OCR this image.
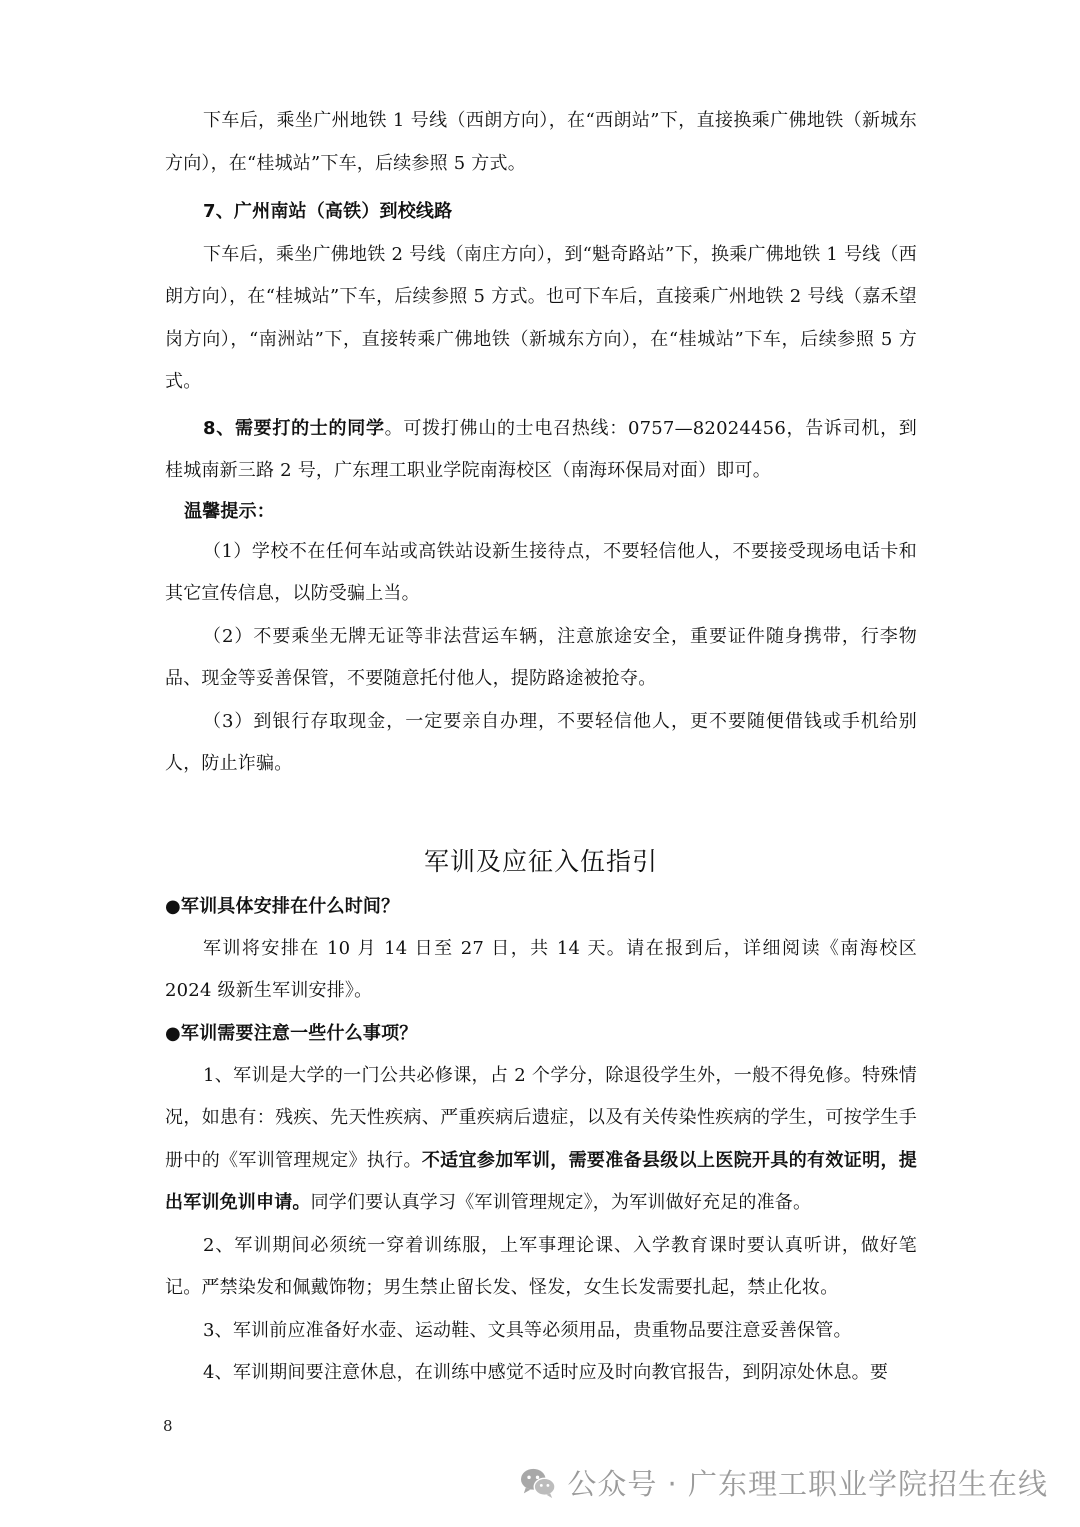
下车后，乘坐广州地铁 1 号线（西朗方向），在“西朗站”下，直接换乘广佛地铁（新城东方向），在“桂城站”下车，后续参照 5 方式。

7、广州南站（高铁）到校线路

下车后，乘坐广佛地铁 2 号线（南庄方向），到“魁奇路站”下，换乘广佛地铁 1 号线（西朗方向），在“桂城站”下车，后续参照 5 方式。也可下车后，直接乘广州地铁 2 号线（嘉禾望岗方向），“南洲站”下，直接转乘广佛地铁（新城东方向），在“桂城站”下车，后续参照 5 方式。

8、需要打的士的同学。可拨打佛山的士电召热线：0757—82024456，告诉司机，到桂城南新三路 2 号，广东理工职业学院南海校区（南海环保局对面）即可。

温馨提示：

（1）学校不在任何车站或高铁站设新生接待点，不要轻信他人，不要接受现场电话卡和其它宣传信息，以防受骗上当。

（2）不要乘坐无牌无证等非法营运车辆，注意旅途安全，重要证件随身携带，行李物品、现金等妥善保管，不要随意托付他人，提防路途被抢夺。

（3）到银行存取现金，一定要亲自办理，不要轻信他人，更不要随便借钱或手机给别人，防止诈骗。

军训及应征入伍指引

●军训具体安排在什么时间？

军训将安排在 10 月 14 日至 27 日，共 14 天。请在报到后，详细阅读《南海校区 2024 级新生军训安排》。

●军训需要注意一些什么事项？

1、军训是大学的一门公共必修课，占 2 个学分，除退役学生外，一般不得免修。特殊情况，如患有：残疾、先天性疾病、严重疾病后遗症，以及有关传染性疾病的学生，可按学生手册中的《军训管理规定》执行。不适宜参加军训，需要准备县级以上医院开具的有效证明，提出军训免训申请。同学们要认真学习《军训管理规定》，为军训做好充足的准备。

2、军训期间必须统一穿着训练服，上军事理论课、入学教育课时要认真听讲，做好笔记。严禁染发和佩戴饰物；男生禁止留长发、怪发，女生长发需要扎起，禁止化妆。

3、军训前应准备好水壶、运动鞋、文具等必须用品，贵重物品要注意妥善保管。

4、军训期间要注意休息，在训练中感觉不适时应及时向教官报告，到阴凉处休息。要

8
公众号 · 广东理工职业学院招生在线
